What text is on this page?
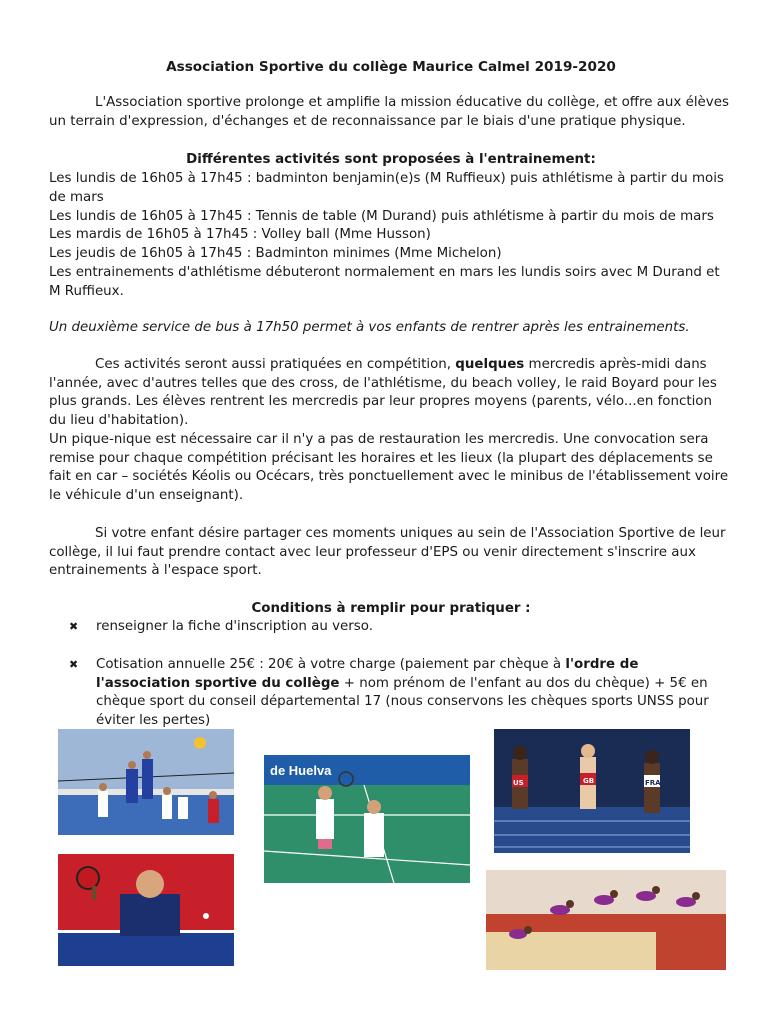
Association Sportive du collège Maurice Calmel 2019-2020

L'Association sportive prolonge et amplifie la mission éducative du collège, et offre aux élèves un terrain d'expression, d'échanges et de reconnaissance par le biais d'une pratique physique.

Différentes activités sont proposées à l'entrainement:

Les lundis de 16h05 à 17h45 : badminton benjamin(e)s (M Ruffieux) puis athlétisme à partir du mois de mars

Les lundis de 16h05 à 17h45 : Tennis de table (M Durand) puis athlétisme à partir du mois de mars

Les mardis de 16h05 à 17h45 : Volley ball (Mme Husson)

Les jeudis de 16h05 à 17h45 : Badminton minimes (Mme Michelon)

Les entrainements d'athlétisme débuteront normalement en mars les lundis soirs avec M Durand et M Ruffieux.

Un deuxième service de bus à 17h50 permet à vos enfants de rentrer après les entrainements.

Ces activités seront aussi pratiquées en compétition, quelques mercredis après-midi dans l'année, avec d'autres telles que des cross, de l'athlétisme, du beach volley, le raid Boyard pour les plus grands. Les élèves rentrent les mercredis par leur propres moyens (parents, vélo...en fonction du lieu d'habitation).

Un pique-nique est nécessaire car il n'y a pas de restauration les mercredis. Une convocation sera remise pour chaque compétition précisant les horaires et les lieux (la plupart des déplacements se fait en car – sociétés Kéolis ou Océcars, très ponctuellement avec le minibus de l'établissement voire le véhicule d'un enseignant).

Si votre enfant désire partager ces moments uniques au sein de l'Association Sportive de leur collège, il lui faut prendre contact avec leur professeur d'EPS ou venir directement s'inscrire aux entrainements à l'espace sport.

Conditions à remplir pour pratiquer :
✖ renseigner la fiche d'inscription au verso.
✖ Cotisation annuelle 25€ : 20€ à votre charge (paiement par chèque à l'ordre de l'association sportive du collège + nom prénom de l'enfant au dos du chèque) + 5€ en chèque sport du conseil départemental 17 (nous conservons les chèques sports UNSS pour éviter les pertes)
de Huelva
US	GB	FRA
